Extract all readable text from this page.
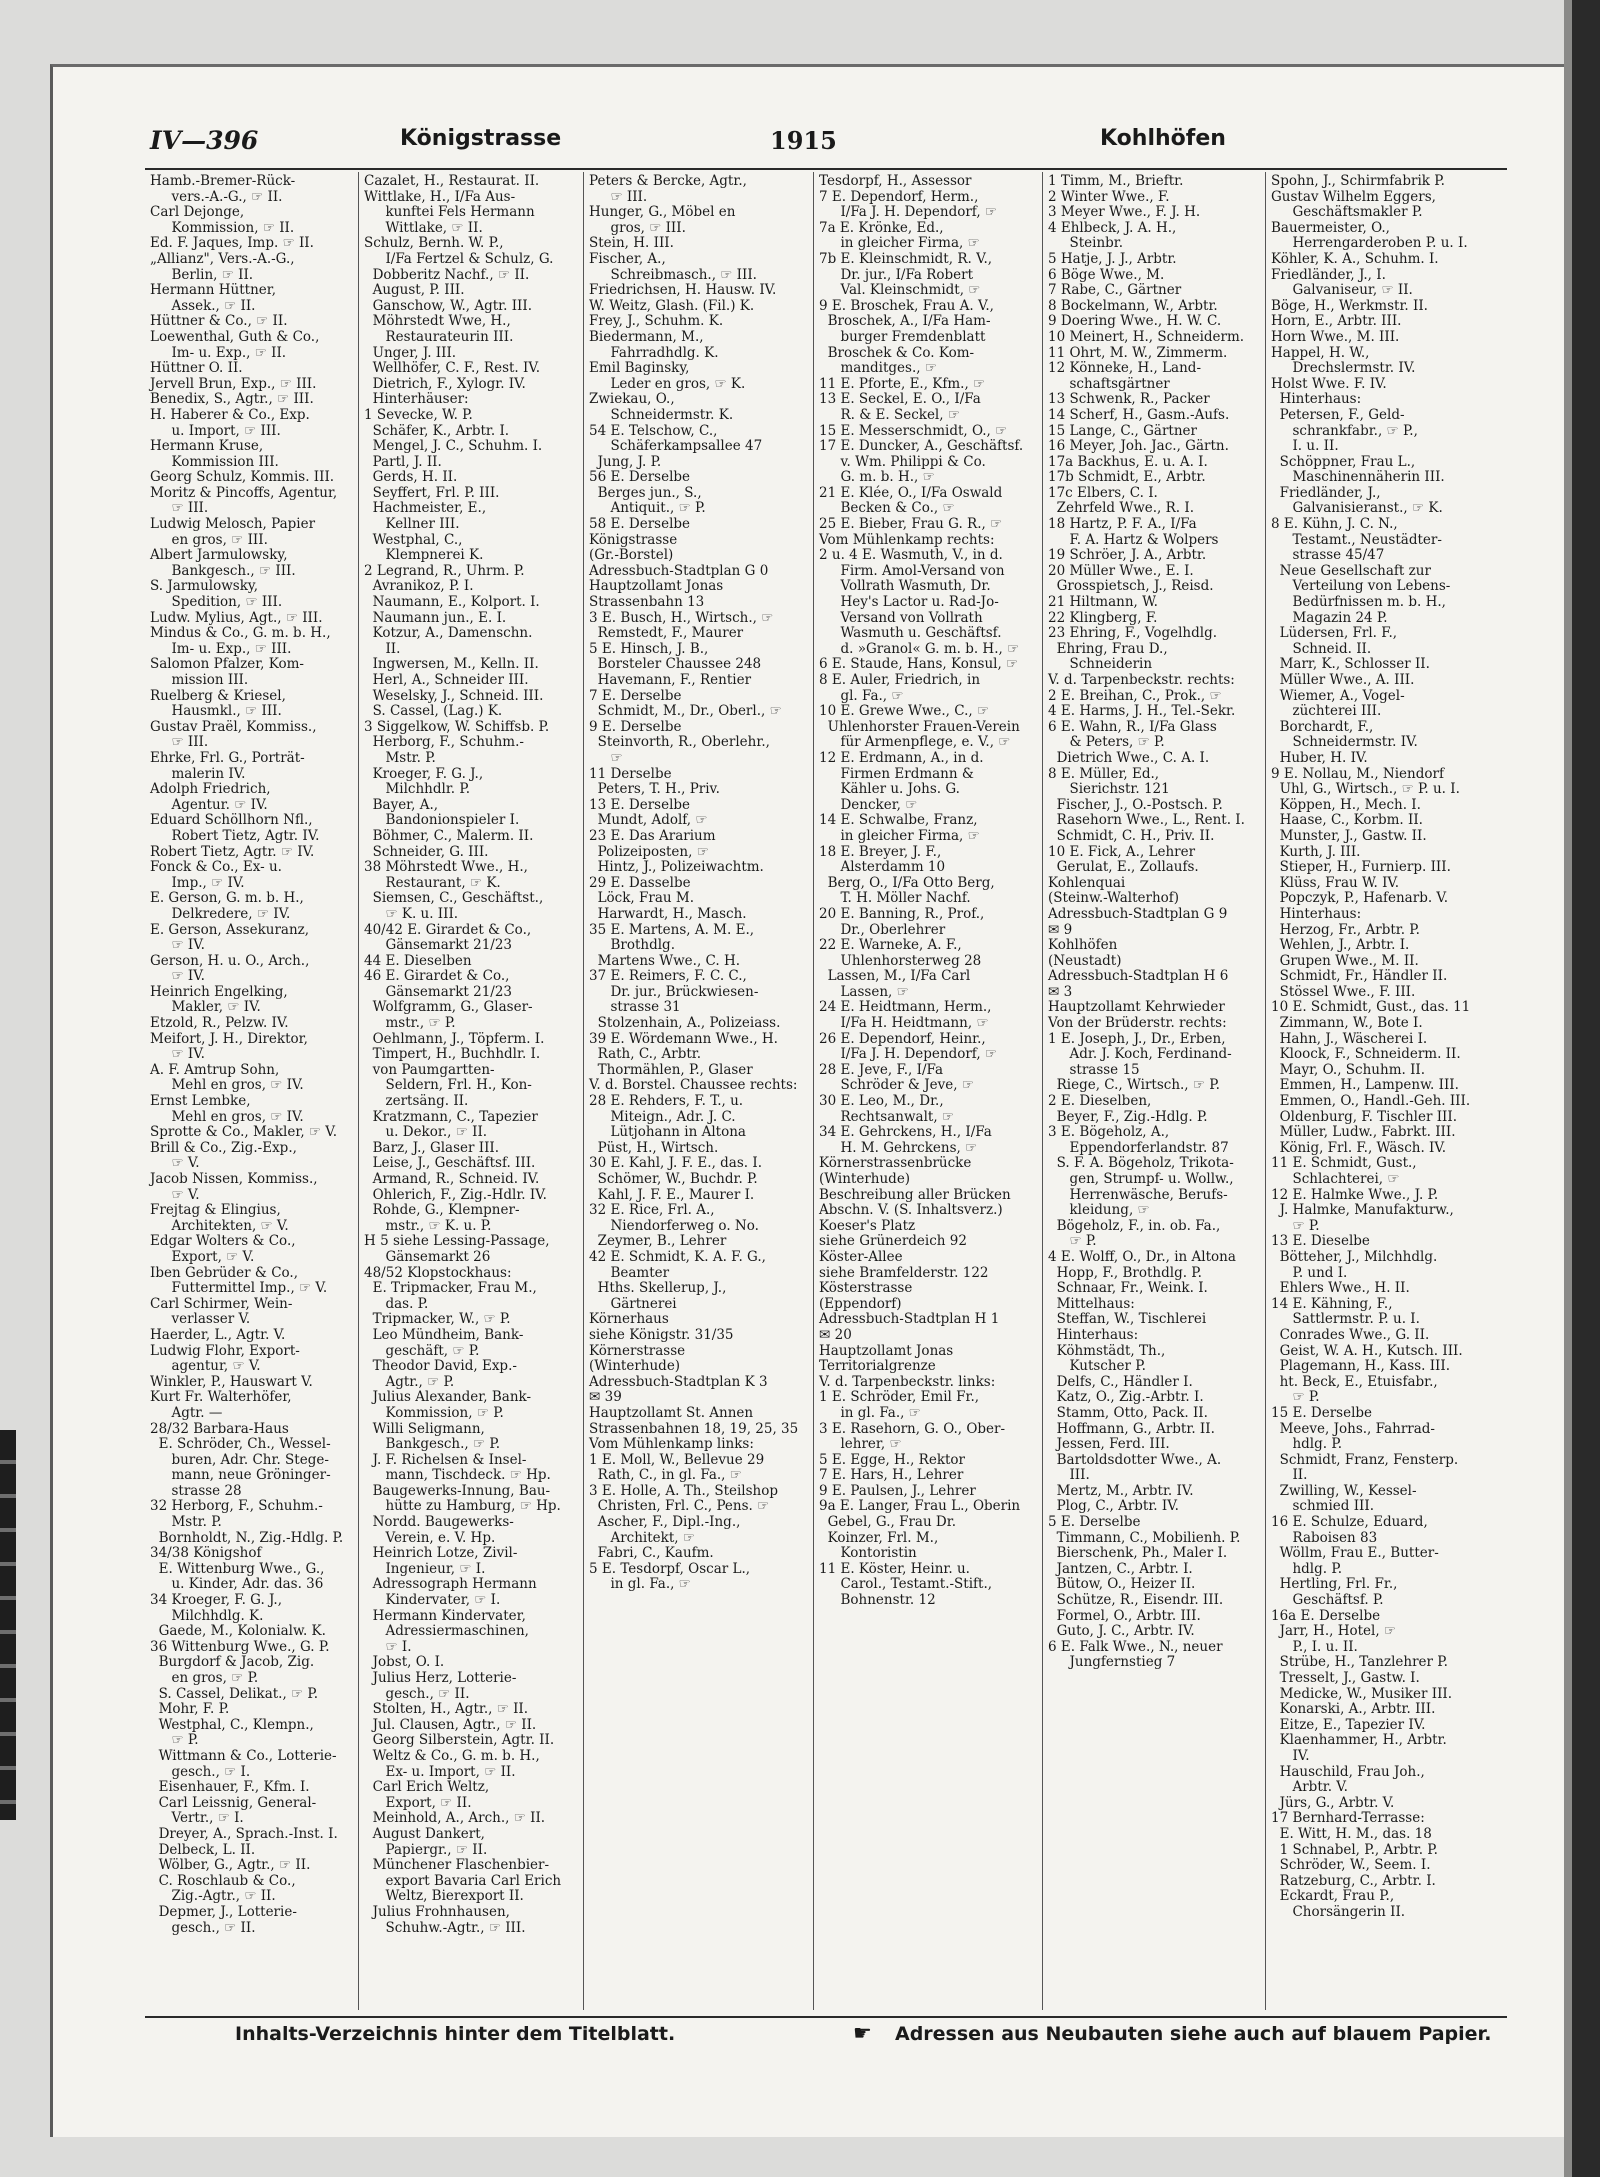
IV—396	Königstrasse	1915	Kohlhöfen
Hamb.-Bremer-Rück-
vers.-A.-G., ☞ II.
Carl Dejonge,
Kommission, ☞ II.
Ed. F. Jaques, Imp. ☞ II.
„Allianz", Vers.-A.-G.,
Berlin, ☞ II.
Hermann Hüttner,
Assek., ☞ II.
Hüttner & Co., ☞ II.
Loewenthal, Guth & Co.,
Im- u. Exp., ☞ II.
Hüttner O. II.
Jervell Brun, Exp., ☞ III.
Benedix, S., Agtr., ☞ III.
H. Haberer & Co., Exp.
u. Import, ☞ III.
Hermann Kruse,
Kommission III.
Georg Schulz, Kommis. III.
Moritz & Pincoffs, Agentur,
☞ III.
Ludwig Melosch, Papier
en gros, ☞ III.
Albert Jarmulowsky,
Bankgesch., ☞ III.
S. Jarmulowsky,
Spedition, ☞ III.
Ludw. Mylius, Agt., ☞ III.
Mindus & Co., G. m. b. H.,
Im- u. Exp., ☞ III.
Salomon Pfalzer, Kom-
mission III.
Ruelberg & Kriesel,
Hausmkl., ☞ III.
Gustav Praël, Kommiss.,
☞ III.
Ehrke, Frl. G., Porträt-
malerin IV.
Adolph Friedrich,
Agentur. ☞ IV.
Eduard Schöllhorn Nfl.,
Robert Tietz, Agtr. IV.
Robert Tietz, Agtr. ☞ IV.
Fonck & Co., Ex- u.
Imp., ☞ IV.
E. Gerson, G. m. b. H.,
Delkredere, ☞ IV.
E. Gerson, Assekuranz,
☞ IV.
Gerson, H. u. O., Arch.,
☞ IV.
Heinrich Engelking,
Makler, ☞ IV.
Etzold, R., Pelzw. IV.
Meifort, J. H., Direktor,
☞ IV.
A. F. Amtrup Sohn,
Mehl en gros, ☞ IV.
Ernst Lembke,
Mehl en gros, ☞ IV.
Sprotte & Co., Makler, ☞ V.
Brill & Co., Zig.-Exp.,
☞ V.
Jacob Nissen, Kommiss.,
☞ V.
Frejtag & Elingius,
Architekten, ☞ V.
Edgar Wolters & Co.,
Export, ☞ V.
Iben Gebrüder & Co.,
Futtermittel Imp., ☞ V.
Carl Schirmer, Wein-
verlasser V.
Haerder, L., Agtr. V.
Ludwig Flohr, Export-
agentur, ☞ V.
Winkler, P., Hauswart V.
Kurt Fr. Walterhöfer,
Agtr. —
28/32 Barbara-Haus
E. Schröder, Ch., Wessel-
buren, Adr. Chr. Stege-
mann, neue Gröninger-
strasse 28
32 Herborg, F., Schuhm.-
Mstr. P.
Bornholdt, N., Zig.-Hdlg. P.
34/38 Königshof
E. Wittenburg Wwe., G.,
u. Kinder, Adr. das. 36
34 Kroeger, F. G. J.,
Milchhdlg. K.
Gaede, M., Kolonialw. K.
36 Wittenburg Wwe., G. P.
Burgdorf & Jacob, Zig.
en gros, ☞ P.
S. Cassel, Delikat., ☞ P.
Mohr, F. P.
Westphal, C., Klempn.,
☞ P.
Wittmann & Co., Lotterie-
gesch., ☞ I.
Eisenhauer, F., Kfm. I.
Carl Leissnig, General-
Vertr., ☞ I.
Dreyer, A., Sprach.-Inst. I.
Delbeck, L. II.
Wölber, G., Agtr., ☞ II.
C. Roschlaub & Co.,
Zig.-Agtr., ☞ II.
Depmer, J., Lotterie-
gesch., ☞ II.
Cazalet, H., Restaurat. II.
Wittlake, H., I/Fa Aus-
kunftei Fels Hermann
Wittlake, ☞ II.
Schulz, Bernh. W. P.,
I/Fa Fertzel & Schulz, G.
Dobberitz Nachf., ☞ II.
August, P. III.
Ganschow, W., Agtr. III.
Möhrstedt Wwe, H.,
Restaurateurin III.
Unger, J. III.
Wellhöfer, C. F., Rest. IV.
Dietrich, F., Xylogr. IV.
Hinterhäuser:
1 Sevecke, W. P.
Schäfer, K., Arbtr. I.
Mengel, J. C., Schuhm. I.
Partl, J. II.
Gerds, H. II.
Seyffert, Frl. P. III.
Hachmeister, E.,
Kellner III.
Westphal, C.,
Klempnerei K.
2 Legrand, R., Uhrm. P.
Avranikoz, P. I.
Naumann, E., Kolport. I.
Naumann jun., E. I.
Kotzur, A., Damenschn.
II.
Ingwersen, M., Kelln. II.
Herl, A., Schneider III.
Weselsky, J., Schneid. III.
S. Cassel, (Lag.) K.
3 Siggelkow, W. Schiffsb. P.
Herborg, F., Schuhm.-
Mstr. P.
Kroeger, F. G. J.,
Milchhdlr. P.
Bayer, A.,
Bandonionspieler I.
Böhmer, C., Malerm. II.
Schneider, G. III.
38 Möhrstedt Wwe., H.,
Restaurant, ☞ K.
Siemsen, C., Geschäftst.,
☞ K. u. III.
40/42 E. Girardet & Co.,
Gänsemarkt 21/23
44 E. Dieselben
46 E. Girardet & Co.,
Gänsemarkt 21/23
Wolfgramm, G., Glaser-
mstr., ☞ P.
Oehlmann, J., Töpferm. I.
Timpert, H., Buchhdlr. I.
von Paumgartten-
Seldern, Frl. H., Kon-
zertsäng. II.
Kratzmann, C., Tapezier
u. Dekor., ☞ II.
Barz, J., Glaser III.
Leise, J., Geschäftsf. III.
Armand, R., Schneid. IV.
Ohlerich, F., Zig.-Hdlr. IV.
Rohde, G., Klempner-
mstr., ☞ K. u. P.
H 5 siehe Lessing-Passage,
Gänsemarkt 26
48/52 Klopstockhaus:
E. Tripmacker, Frau M.,
das. P.
Tripmacker, W., ☞ P.
Leo Mündheim, Bank-
geschäft, ☞ P.
Theodor David, Exp.-
Agtr., ☞ P.
Julius Alexander, Bank-
Kommission, ☞ P.
Willi Seligmann,
Bankgesch., ☞ P.
J. F. Richelsen & Insel-
mann, Tischdeck. ☞ Hp.
Baugewerks-Innung, Bau-
hütte zu Hamburg, ☞ Hp.
Nordd. Baugewerks-
Verein, e. V. Hp.
Heinrich Lotze, Zivil-
Ingenieur, ☞ I.
Adressograph Hermann
Kindervater, ☞ I.
Hermann Kindervater,
Adressiermaschinen,
☞ I.
Jobst, O. I.
Julius Herz, Lotterie-
gesch., ☞ II.
Stolten, H., Agtr., ☞ II.
Jul. Clausen, Agtr., ☞ II.
Georg Silberstein, Agtr. II.
Weltz & Co., G. m. b. H.,
Ex- u. Import, ☞ II.
Carl Erich Weltz,
Export, ☞ II.
Meinhold, A., Arch., ☞ II.
August Dankert,
Papiergr., ☞ II.
Münchener Flaschenbier-
export Bavaria Carl Erich
Weltz, Bierexport II.
Julius Frohnhausen,
Schuhw.-Agtr., ☞ III.
Peters & Bercke, Agtr.,
☞ III.
Hunger, G., Möbel en
gros, ☞ III.
Stein, H. III.
Fischer, A.,
Schreibmasch., ☞ III.
Friedrichsen, H. Hausw. IV.
W. Weitz, Glash. (Fil.) K.
Frey, J., Schuhm. K.
Biedermann, M.,
Fahrradhdlg. K.
Emil Baginsky,
Leder en gros, ☞ K.
Zwiekau, O.,
Schneidermstr. K.
54 E. Telschow, C.,
Schäferkampsallee 47
Jung, J. P.
56 E. Derselbe
Berges jun., S.,
Antiquit., ☞ P.
58 E. Derselbe
Königstrasse
(Gr.-Borstel)
Adressbuch-Stadtplan G 0
Hauptzollamt Jonas
Strassenbahn 13
3 E. Busch, H., Wirtsch., ☞
Remstedt, F., Maurer
5 E. Hinsch, J. B.,
Borsteler Chaussee 248
Havemann, F., Rentier
7 E. Derselbe
Schmidt, M., Dr., Oberl., ☞
9 E. Derselbe
Steinvorth, R., Oberlehr.,
☞
11 Derselbe
Peters, T. H., Priv.
13 E. Derselbe
Mundt, Adolf, ☞
23 E. Das Ararium
Polizeiposten, ☞
Hintz, J., Polizeiwachtm.
29 E. Dasselbe
Löck, Frau M.
Harwardt, H., Masch.
35 E. Martens, A. M. E.,
Brothdlg.
Martens Wwe., C. H.
37 E. Reimers, F. C. C.,
Dr. jur., Brückwiesen-
strasse 31
Stolzenhain, A., Polizeiass.
39 E. Wördemann Wwe., H.
Rath, C., Arbtr.
Thormählen, P., Glaser
V. d. Borstel. Chaussee rechts:
28 E. Rehders, F. T., u.
Miteign., Adr. J. C.
Lütjohann in Altona
Püst, H., Wirtsch.
30 E. Kahl, J. F. E., das. I.
Schömer, W., Buchdr. P.
Kahl, J. F. E., Maurer I.
32 E. Rice, Frl. A.,
Niendorferweg o. No.
Zeymer, B., Lehrer
42 E. Schmidt, K. A. F. G.,
Beamter
Hths. Skellerup, J.,
Gärtnerei
Körnerhaus
siehe Königstr. 31/35
Körnerstrasse
(Winterhude)
Adressbuch-Stadtplan K 3
✉ 39
Hauptzollamt St. Annen
Strassenbahnen 18, 19, 25, 35
Vom Mühlenkamp links:
1 E. Moll, W., Bellevue 29
Rath, C., in gl. Fa., ☞
3 E. Holle, A. Th., Steilshop
Christen, Frl. C., Pens. ☞
Ascher, F., Dipl.-Ing.,
Architekt, ☞
Fabri, C., Kaufm.
5 E. Tesdorpf, Oscar L.,
in gl. Fa., ☞
Tesdorpf, H., Assessor
7 E. Dependorf, Herm.,
I/Fa J. H. Dependorf, ☞
7a E. Krönke, Ed.,
in gleicher Firma, ☞
7b E. Kleinschmidt, R. V.,
Dr. jur., I/Fa Robert
Val. Kleinschmidt, ☞
9 E. Broschek, Frau A. V.,
Broschek, A., I/Fa Ham-
burger Fremdenblatt
Broschek & Co. Kom-
manditges., ☞
11 E. Pforte, E., Kfm., ☞
13 E. Seckel, E. O., I/Fa
R. & E. Seckel, ☞
15 E. Messerschmidt, O., ☞
17 E. Duncker, A., Geschäftsf.
v. Wm. Philippi & Co.
G. m. b. H., ☞
21 E. Klée, O., I/Fa Oswald
Becken & Co., ☞
25 E. Bieber, Frau G. R., ☞
Vom Mühlenkamp rechts:
2 u. 4 E. Wasmuth, V., in d.
Firm. Amol-Versand von
Vollrath Wasmuth, Dr.
Hey's Lactor u. Rad-Jo-
Versand von Vollrath
Wasmuth u. Geschäftsf.
d. »Granol« G. m. b. H., ☞
6 E. Staude, Hans, Konsul, ☞
8 E. Auler, Friedrich, in
gl. Fa., ☞
10 E. Grewe Wwe., C., ☞
Uhlenhorster Frauen-Verein
für Armenpflege, e. V., ☞
12 E. Erdmann, A., in d.
Firmen Erdmann &
Kähler u. Johs. G.
Dencker, ☞
14 E. Schwalbe, Franz,
in gleicher Firma, ☞
18 E. Breyer, J. F.,
Alsterdamm 10
Berg, O., I/Fa Otto Berg,
T. H. Möller Nachf.
20 E. Banning, R., Prof.,
Dr., Oberlehrer
22 E. Warneke, A. F.,
Uhlenhorsterweg 28
Lassen, M., I/Fa Carl
Lassen, ☞
24 E. Heidtmann, Herm.,
I/Fa H. Heidtmann, ☞
26 E. Dependorf, Heinr.,
I/Fa J. H. Dependorf, ☞
28 E. Jeve, F., I/Fa
Schröder & Jeve, ☞
30 E. Leo, M., Dr.,
Rechtsanwalt, ☞
34 E. Gehrckens, H., I/Fa
H. M. Gehrckens, ☞
Körnerstrassenbrücke
(Winterhude)
Beschreibung aller Brücken
Abschn. V. (S. Inhaltsverz.)
Koeser's Platz
siehe Grünerdeich 92
Köster-Allee
siehe Bramfelderstr. 122
Kösterstrasse
(Eppendorf)
Adressbuch-Stadtplan H 1
✉ 20
Hauptzollamt Jonas
Territorialgrenze
V. d. Tarpenbeckstr. links:
1 E. Schröder, Emil Fr.,
in gl. Fa., ☞
3 E. Rasehorn, G. O., Ober-
lehrer, ☞
5 E. Egge, H., Rektor
7 E. Hars, H., Lehrer
9 E. Paulsen, J., Lehrer
9a E. Langer, Frau L., Oberin
Gebel, G., Frau Dr.
Koinzer, Frl. M.,
Kontoristin
11 E. Köster, Heinr. u.
Carol., Testamt.-Stift.,
Bohnenstr. 12
1 Timm, M., Brieftr.
2 Winter Wwe., F.
3 Meyer Wwe., F. J. H.
4 Ehlbeck, J. A. H.,
Steinbr.
5 Hatje, J. J., Arbtr.
6 Böge Wwe., M.
7 Rabe, C., Gärtner
8 Bockelmann, W., Arbtr.
9 Doering Wwe., H. W. C.
10 Meinert, H., Schneiderm.
11 Ohrt, M. W., Zimmerm.
12 Könneke, H., Land-
schaftsgärtner
13 Schwenk, R., Packer
14 Scherf, H., Gasm.-Aufs.
15 Lange, C., Gärtner
16 Meyer, Joh. Jac., Gärtn.
17a Backhus, E. u. A. I.
17b Schmidt, E., Arbtr.
17c Elbers, C. I.
Zehrfeld Wwe., R. I.
18 Hartz, P. F. A., I/Fa
F. A. Hartz & Wolpers
19 Schröer, J. A., Arbtr.
20 Müller Wwe., E. I.
Grosspietsch, J., Reisd.
21 Hiltmann, W.
22 Klingberg, F.
23 Ehring, F., Vogelhdlg.
Ehring, Frau D.,
Schneiderin
V. d. Tarpenbeckstr. rechts:
2 E. Breihan, C., Prok., ☞
4 E. Harms, J. H., Tel.-Sekr.
6 E. Wahn, R., I/Fa Glass
& Peters, ☞ P.
Dietrich Wwe., C. A. I.
8 E. Müller, Ed.,
Sierichstr. 121
Fischer, J., O.-Postsch. P.
Rasehorn Wwe., L., Rent. I.
Schmidt, C. H., Priv. II.
10 E. Fick, A., Lehrer
Gerulat, E., Zollaufs.
Kohlenquai
(Steinw.-Walterhof)
Adressbuch-Stadtplan G 9
✉ 9
Kohlhöfen
(Neustadt)
Adressbuch-Stadtplan H 6
✉ 3
Hauptzollamt Kehrwieder
Von der Brüderstr. rechts:
1 E. Joseph, J., Dr., Erben,
Adr. J. Koch, Ferdinand-
strasse 15
Riege, C., Wirtsch., ☞ P.
2 E. Dieselben,
Beyer, F., Zig.-Hdlg. P.
3 E. Bögeholz, A.,
Eppendorferlandstr. 87
S. F. A. Bögeholz, Trikota-
gen, Strumpf- u. Wollw.,
Herrenwäsche, Berufs-
kleidung, ☞
Bögeholz, F., in. ob. Fa.,
☞ P.
4 E. Wolff, O., Dr., in Altona
Hopp, F., Brothdlg. P.
Schnaar, Fr., Weink. I.
Mittelhaus:
Steffan, W., Tischlerei
Hinterhaus:
Köhmstädt, Th.,
Kutscher P.
Delfs, C., Händler I.
Katz, O., Zig.-Arbtr. I.
Stamm, Otto, Pack. II.
Hoffmann, G., Arbtr. II.
Jessen, Ferd. III.
Bartoldsdotter Wwe., A.
III.
Mertz, M., Arbtr. IV.
Plog, C., Arbtr. IV.
5 E. Derselbe
Timmann, C., Mobilienh. P.
Bierschenk, Ph., Maler I.
Jantzen, C., Arbtr. I.
Bütow, O., Heizer II.
Schütze, R., Eisendr. III.
Formel, O., Arbtr. III.
Guto, J. C., Arbtr. IV.
6 E. Falk Wwe., N., neuer
Jungfernstieg 7
Spohn, J., Schirmfabrik P.
Gustav Wilhelm Eggers,
Geschäftsmakler P.
Bauermeister, O.,
Herrengarderoben P. u. I.
Köhler, K. A., Schuhm. I.
Friedländer, J., I.
Galvaniseur, ☞ II.
Böge, H., Werkmstr. II.
Horn, E., Arbtr. III.
Horn Wwe., M. III.
Happel, H. W.,
Drechslermstr. IV.
Holst Wwe. F. IV.
Hinterhaus:
Petersen, F., Geld-
schrankfabr., ☞ P.,
I. u. II.
Schöppner, Frau L.,
Maschinennäherin III.
Friedländer, J.,
Galvanisieranst., ☞ K.
8 E. Kühn, J. C. N.,
Testamt., Neustädter-
strasse 45/47
Neue Gesellschaft zur
Verteilung von Lebens-
Bedürfnissen m. b. H.,
Magazin 24 P.
Lüdersen, Frl. F.,
Schneid. II.
Marr, K., Schlosser II.
Müller Wwe., A. III.
Wiemer, A., Vogel-
züchterei III.
Borchardt, F.,
Schneidermstr. IV.
Huber, H. IV.
9 E. Nollau, M., Niendorf
Uhl, G., Wirtsch., ☞ P. u. I.
Köppen, H., Mech. I.
Haase, C., Korbm. II.
Munster, J., Gastw. II.
Kurth, J. III.
Stieper, H., Furnierp. III.
Klüss, Frau W. IV.
Popczyk, P., Hafenarb. V.
Hinterhaus:
Herzog, Fr., Arbtr. P.
Wehlen, J., Arbtr. I.
Grupen Wwe., M. II.
Schmidt, Fr., Händler II.
Stössel Wwe., F. III.
10 E. Schmidt, Gust., das. 11
Zimmann, W., Bote I.
Hahn, J., Wäscherei I.
Kloock, F., Schneiderm. II.
Mayr, O., Schuhm. II.
Emmen, H., Lampenw. III.
Emmen, O., Handl.-Geh. III.
Oldenburg, F. Tischler III.
Müller, Ludw., Fabrkt. III.
König, Frl. F., Wäsch. IV.
11 E. Schmidt, Gust.,
Schlachterei, ☞
12 E. Halmke Wwe., J. P.
J. Halmke, Manufakturw.,
☞ P.
13 E. Dieselbe
Bötteher, J., Milchhdlg.
P. und I.
Ehlers Wwe., H. II.
14 E. Kähning, F.,
Sattlermstr. P. u. I.
Conrades Wwe., G. II.
Geist, W. A. H., Kutsch. III.
Plagemann, H., Kass. III.
ht. Beck, E., Etuisfabr.,
☞ P.
15 E. Derselbe
Meeve, Johs., Fahrrad-
hdlg. P.
Schmidt, Franz, Fensterp.
II.
Zwilling, W., Kessel-
schmied III.
16 E. Schulze, Eduard,
Raboisen 83
Wöllm, Frau E., Butter-
hdlg. P.
Hertling, Frl. Fr.,
Geschäftsf. P.
16a E. Derselbe
Jarr, H., Hotel, ☞
P., I. u. II.
Strübe, H., Tanzlehrer P.
Tresselt, J., Gastw. I.
Medicke, W., Musiker III.
Konarski, A., Arbtr. III.
Eitze, E., Tapezier IV.
Klaenhammer, H., Arbtr.
IV.
Hauschild, Frau Joh.,
Arbtr. V.
Jürs, G., Arbtr. V.
17 Bernhard-Terrasse:
E. Witt, H. M., das. 18
1 Schnabel, P., Arbtr. P.
Schröder, W., Seem. I.
Ratzeburg, C., Arbtr. I.
Eckardt, Frau P.,
Chorsängerin II.
Inhalts-Verzeichnis hinter dem Titelblatt.	☛ Adressen aus Neubauten siehe auch auf blauem Papier.
